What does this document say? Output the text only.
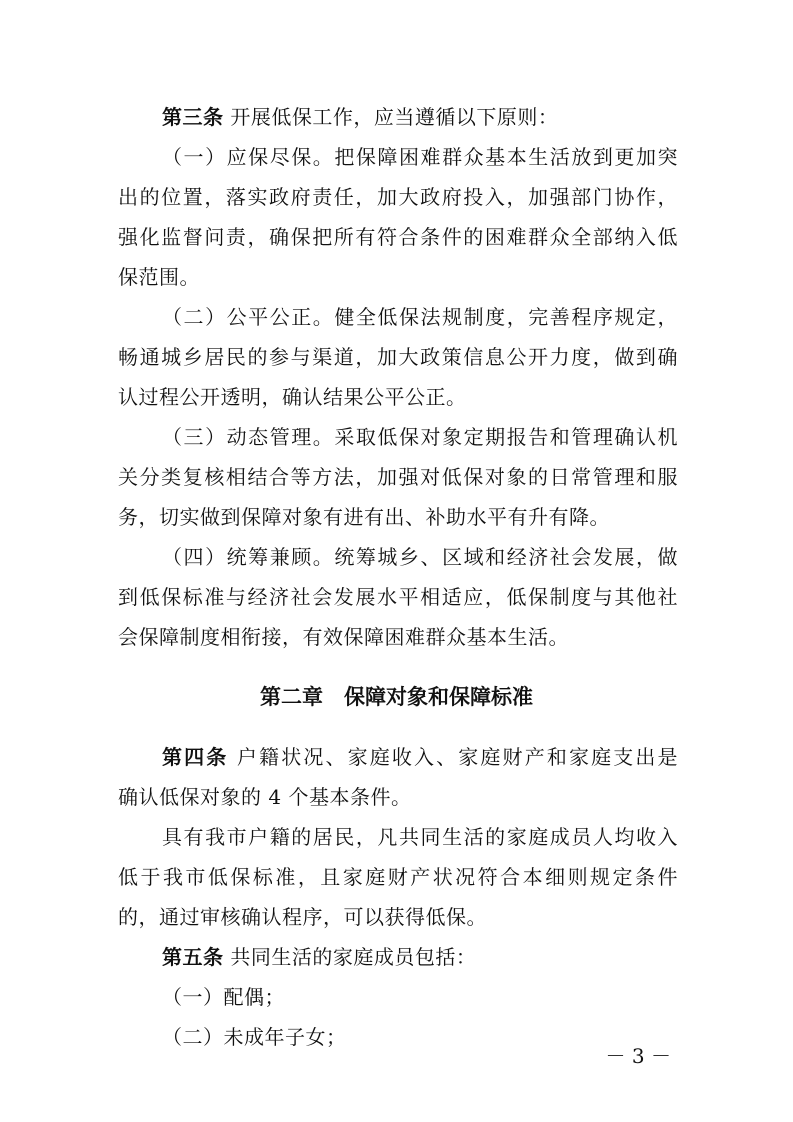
第三条 开展低保工作，应当遵循以下原则：
（一）应保尽保。把保障困难群众基本生活放到更加突
出的位置，落实政府责任，加大政府投入，加强部门协作，
强化监督问责，确保把所有符合条件的困难群众全部纳入低
保范围。
（二）公平公正。健全低保法规制度，完善程序规定，
畅通城乡居民的参与渠道，加大政策信息公开力度，做到确
认过程公开透明，确认结果公平公正。
（三）动态管理。采取低保对象定期报告和管理确认机
关分类复核相结合等方法，加强对低保对象的日常管理和服
务，切实做到保障对象有进有出、补助水平有升有降。
（四）统筹兼顾。统筹城乡、区域和经济社会发展，做
到低保标准与经济社会发展水平相适应，低保制度与其他社
会保障制度相衔接，有效保障困难群众基本生活。
第二章　保障对象和保障标准
第四条 户籍状况、家庭收入、家庭财产和家庭支出是
确认低保对象的 4 个基本条件。
具有我市户籍的居民，凡共同生活的家庭成员人均收入
低于我市低保标准，且家庭财产状况符合本细则规定条件
的，通过审核确认程序，可以获得低保。
第五条 共同生活的家庭成员包括：
（一）配偶；
（二）未成年子女；
－ 3 －
